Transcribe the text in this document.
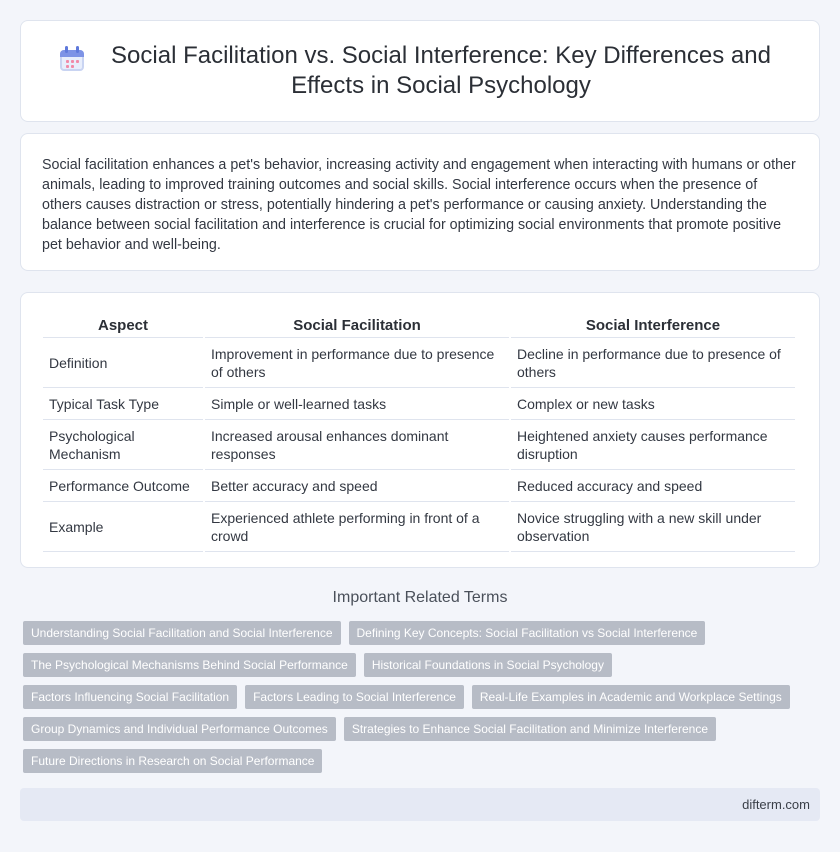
Social Facilitation vs. Social Interference: Key Differences and Effects in Social Psychology

Social facilitation enhances a pet's behavior, increasing activity and engagement when interacting with humans or other animals, leading to improved training outcomes and social skills. Social interference occurs when the presence of others causes distraction or stress, potentially hindering a pet's performance or causing anxiety. Understanding the balance between social facilitation and interference is crucial for optimizing social environments that promote positive pet behavior and well-being.

Aspect	Social Facilitation	Social Interference
Definition	Improvement in performance due to presence of others	Decline in performance due to presence of others
Typical Task Type	Simple or well-learned tasks	Complex or new tasks
Psychological Mechanism	Increased arousal enhances dominant responses	Heightened anxiety causes performance disruption
Performance Outcome	Better accuracy and speed	Reduced accuracy and speed
Example	Experienced athlete performing in front of a crowd	Novice struggling with a new skill under observation
Important Related Terms
Understanding Social Facilitation and Social Interference	Defining Key Concepts: Social Facilitation vs Social Interference
The Psychological Mechanisms Behind Social Performance	Historical Foundations in Social Psychology
Factors Influencing Social Facilitation	Factors Leading to Social Interference	Real-Life Examples in Academic and Workplace Settings
Group Dynamics and Individual Performance Outcomes	Strategies to Enhance Social Facilitation and Minimize Interference
Future Directions in Research on Social Performance
difterm.com
